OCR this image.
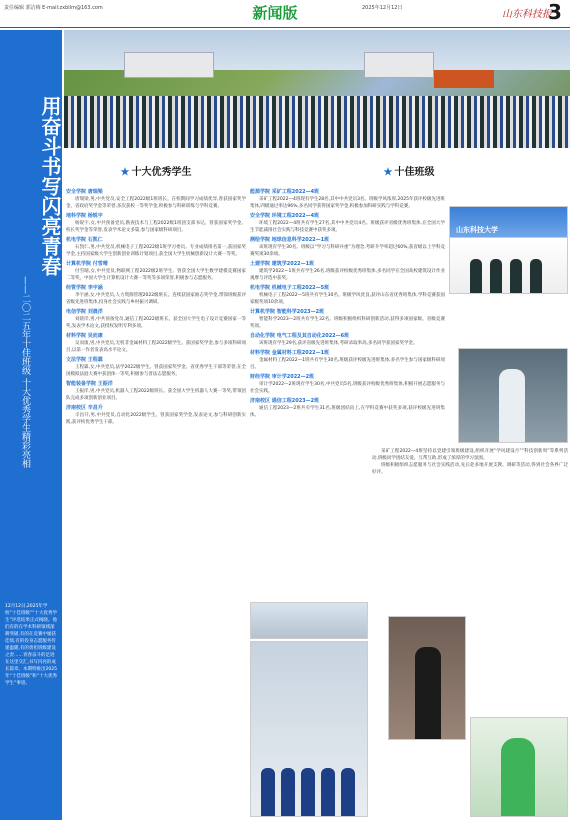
责任编辑 郭洁梅 E-mail:zxbllm@163.com	新闻版	2025年12月12日
山东科技报
3
用奋斗书写闪亮青春
——二〇二五年十佳班级 十大优秀学生精彩亮相
12月12日,2025年学校“十佳班级”“十大优秀学生”评选结果正式揭晓。他们有的在学术科研领域深耕突破,有的在竞赛中屡获佳绩,有的投身志愿服务传递温暖,有的勇担班级建设之责……青春奋斗的足迹在这里交汇,书写闪亮的成长篇章。本期特推出2025年“十佳班级”和“十大优秀学生”事迹。
★ 十大优秀学生	★ 十佳班级
安全学院 唐瑞梁

唐瑞梁,男,中共党员,安全工程2022级1班班长。在校期间学习成绩优异,曾获国家奖学金、省政府奖学金等荣誉,多次获校一等奖学金,积极参与科研训练与学科竞赛。

地科学院 杨锐宇

杨锐宇,女,中共预备党员,勘查技术与工程2022级1班团支部书记。曾获国家奖学金、校长奖学金等荣誉,发表学术论文多篇,参与国家级科研项目。

机电学院 石凯仁

石凯仁,男,中共党员,机械电子工程2022级1班学习委员。专业成绩排名第一,获国家奖学金,主持国家级大学生创新创业训练计划项目,获全国大学生机械创新设计大赛一等奖。

计算机学院 付雪晴

付雪晴,女,中共党员,物联网工程2022级2班学生。曾获全国大学生数学建模竞赛国家二等奖、中国大学生计算机设计大赛一等奖等多项荣誉,积极参与志愿服务。

经管学院 李宇涵

李宇涵,女,中共党员,人力资源管理2022级班长。连续获国家励志奖学金,带领班级获评省级先进班集体,投身社会实践与乡村振兴调研。

电信学院 刘晨洋

刘晨洋,男,中共预备党员,通信工程2022级班长。获全国大学生电子设计竞赛国家一等奖,发表学术论文,获授权发明专利多项。

材料学院 吴而康

吴而康,男,中共党员,无机非金属材料工程2022级学生。获国家奖学金,参与多项科研项目,以第一作者发表高水平论文。

文法学院 王程霖

王程霖,女,中共党员,法学2022级学生。曾获国家奖学金、省优秀学生干部等荣誉,在全国模拟法庭大赛中获团体一等奖,积极参与普法志愿服务。

智能装备学院 王振洋

王振洋,男,中共党员,机器人工程2022级班长。获全国大学生机器人大赛一等奖,带领团队完成多项创新创业项目。

济南校区 辛昌升

辛昌升,男,中共党员,自动化2022级学生。曾获国家奖学金,发表论文,参与科研创新实践,获评校优秀学生干部。

能源学院 采矿工程2022—4班

采矿工程2022—4班现有学生28名,其中中共党员3名。班级学风浓厚,2025年获评校级先进班集体,四级通过率达96%,多名同学获得国家奖学金,积极参加科研实践与学科竞赛。

安全学院 环境工程2022—4班

环境工程2022—4班共有学生27名,其中中共党员4名。班级获评省级优秀班集体,在全国大学生节能减排社会实践与科技竞赛中获奖多项。

测绘学院 地球信息科学2022—1班

该班现有学生30名。班级以“学习与科研并重”为理念,考研升学率超过60%,获省级以上学科竞赛奖项30余项。

土建学院 建筑学2022—1班

建筑学2022—1班共有学生26名,班级获评校级优秀班集体,多名同学在全国高校建筑设计作业观摩与评选中获奖。

机电学院 机械电子工程2022—5班

机械电子工程2022—5班共有学生30名。班级学风优良,获评山东省优秀班集体,学科竞赛获国家级奖项10余项。

计算机学院 智能科学2023—2班

智能科学2023—2班共有学生32名。班级积极组织科研创新活动,获得多项国家级、省级竞赛奖项。

自动化学院 电气工程及其自动化2022—6班

该班现有学生29名,获评省级先进班集体,考研录取率高,多名同学获国家奖学金。

材料学院 金属材料工程2022—1班

金属材料工程2022—1班共有学生30名,班级获评校级先进班集体,多名学生参与国家级科研项目。

财经学院 审计学2022—2班

审计学2022—2班现有学生30名,中共党员5名,班级获评校级优秀班集体,积极开展志愿服务与社会实践。

济南校区 通信工程2023—2班

通信工程2023—2班共有学生31名,班级团结向上,在学科竞赛中获奖多项,获评校级先进班集体。

采矿工程2022—4班坚持以党建引领班级建设,组织开展“学风建设月”“科技创新周”等系列活动,班级同学团结友爱、互帮互助,形成了浓厚的学习氛围。

班级积极组织志愿服务与社会实践活动,先后赴多地开展支教、调研等活动,得到社会各界广泛好评。

山东科技大学
